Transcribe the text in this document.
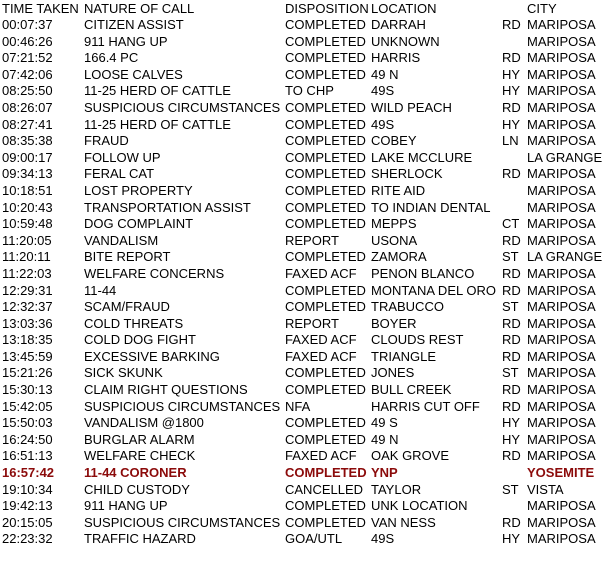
TIME TAKEN NATURE OF CALL	DISPOSITION LOCATION	CITY
00:07:37 CITIZEN ASSIST	COMPLETED DARRAH	RD MARIPOSA
00:46:26 911 HANG UP	COMPLETED UNKNOWN	MARIPOSA
07:21:52 166.4 PC	COMPLETED HARRIS	RD MARIPOSA
07:42:06 LOOSE CALVES	COMPLETED 49 N	HY MARIPOSA
08:25:50 11-25 HERD OF CATTLE	TO CHP	49S	HY MARIPOSA
08:26:07 SUSPICIOUS CIRCUMSTANCES COMPLETED WILD PEACH	RD MARIPOSA
08:27:41 11-25 HERD OF CATTLE	COMPLETED 49S	HY MARIPOSA
08:35:38 FRAUD	COMPLETED COBEY	LN MARIPOSA
09:00:17 FOLLOW UP	COMPLETED LAKE MCCLURE	LA GRANGE
09:34:13 FERAL CAT	COMPLETED SHERLOCK	RD MARIPOSA
10:18:51 LOST PROPERTY	COMPLETED RITE AID	MARIPOSA
10:20:43 TRANSPORTATION ASSIST	COMPLETED TO INDIAN DENTAL	MARIPOSA
10:59:48 DOG COMPLAINT	COMPLETED MEPPS	CT MARIPOSA
11:20:05 VANDALISM	REPORT USONA	RD MARIPOSA
11:20:11	BITE REPORT	COMPLETED ZAMORA	ST LA GRANGE
11:22:03 WELFARE CONCERNS	FAXED ACF PENON BLANCO RD MARIPOSA
12:29:31 11-44	COMPLETED MONTANA DEL ORO RD MARIPOSA
12:32:37 SCAM/FRAUD	COMPLETED TRABUCCO	ST MARIPOSA
13:03:36 COLD THREATS	REPORT BOYER	RD MARIPOSA
13:18:35 COLD DOG FIGHT	FAXED ACF CLOUDS REST	RD MARIPOSA
13:45:59 EXCESSIVE BARKING	FAXED ACF TRIANGLE	RD MARIPOSA
15:21:26 SICK SKUNK	COMPLETED JONES	ST MARIPOSA
15:30:13 CLAIM RIGHT QUESTIONS	COMPLETED BULL CREEK	RD MARIPOSA
15:42:05 SUSPICIOUS CIRCUMSTANCES NFA	HARRIS CUT OFF RD MARIPOSA
15:50:03 VANDALISM @1800	COMPLETED 49 S	HY MARIPOSA
16:24:50 BURGLAR ALARM	COMPLETED 49 N	HY MARIPOSA
16:51:13 WELFARE CHECK	FAXED ACF OAK GROVE	RD MARIPOSA
16:57:42 11-44 CORONER	COMPLETED YNP	YOSEMITE
19:10:34 CHILD CUSTODY	CANCELLED TAYLOR	ST VISTA
19:42:13 911 HANG UP	COMPLETED UNK LOCATION	MARIPOSA
20:15:05 SUSPICIOUS CIRCUMSTANCES COMPLETED VAN NESS	RD MARIPOSA
22:23:32 TRAFFIC HAZARD	GOA/UTL 49S	HY MARIPOSA
